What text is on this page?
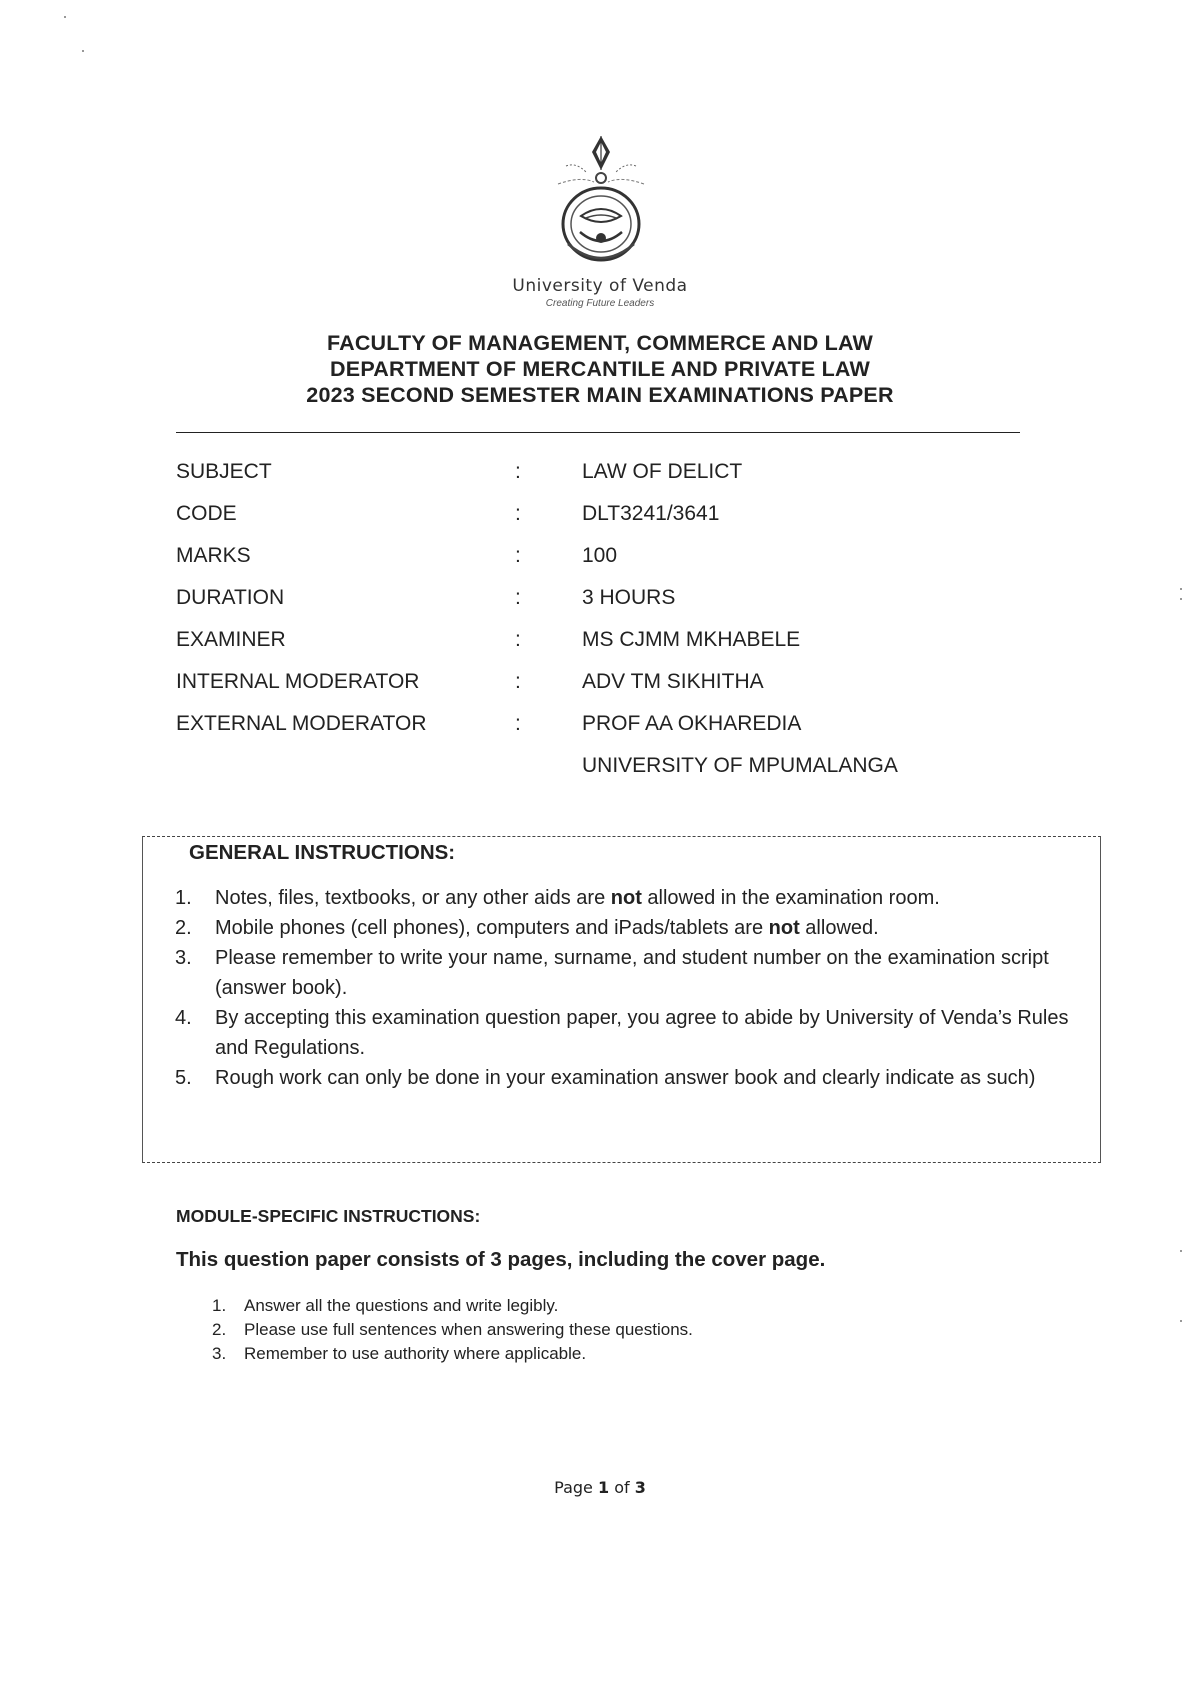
University of Venda
Creating Future Leaders
FACULTY OF MANAGEMENT, COMMERCE AND LAW
DEPARTMENT OF MERCANTILE AND PRIVATE LAW
2023 SECOND SEMESTER MAIN EXAMINATIONS PAPER
SUBJECT	:	LAW OF DELICT
CODE	:	DLT3241/3641
MARKS	:	100
DURATION	:	3 HOURS
EXAMINER	:	MS CJMM MKHABELE
INTERNAL MODERATOR	:	ADV TM SIKHITHA
EXTERNAL MODERATOR	:	PROF AA OKHAREDIA
UNIVERSITY OF MPUMALANGA
GENERAL INSTRUCTIONS:
1. Notes, files, textbooks, or any other aids are not allowed in the examination room.
2. Mobile phones (cell phones), computers and iPads/tablets are not allowed.
3. Please remember to write your name, surname, and student number on the examination script (answer book).
4. By accepting this examination question paper, you agree to abide by University of Venda’s Rules and Regulations.
5. Rough work can only be done in your examination answer book and clearly indicate as such)
MODULE-SPECIFIC INSTRUCTIONS:
This question paper consists of 3 pages, including the cover page.
1. Answer all the questions and write legibly.
2. Please use full sentences when answering these questions.
3. Remember to use authority where applicable.
Page 1 of 3
